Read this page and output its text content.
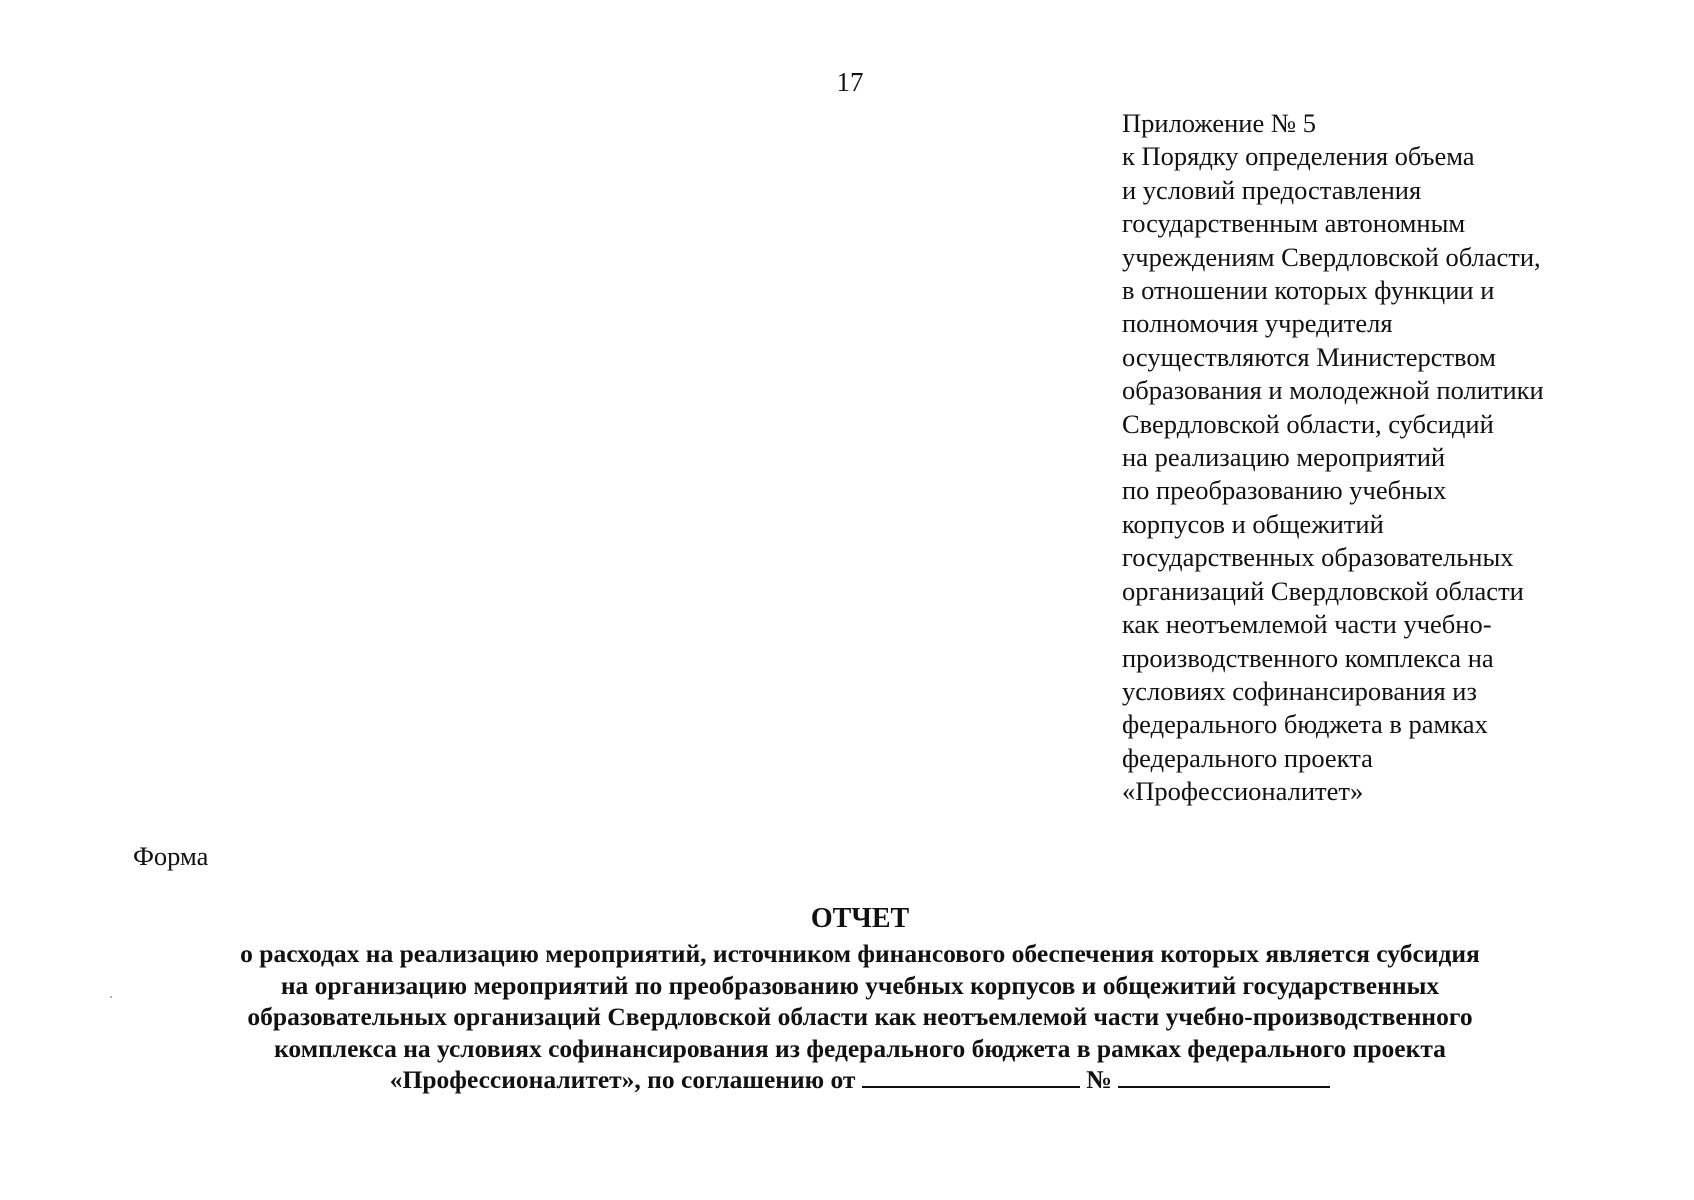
17
Приложение № 5
к Порядку определения объема
и условий предоставления
государственным автономным
учреждениям Свердловской области,
в отношении которых функции и
полномочия учредителя
осуществляются Министерством
образования и молодежной политики
Свердловской области, субсидий
на реализацию мероприятий
по преобразованию учебных
корпусов и общежитий
государственных образовательных
организаций Свердловской области
как неотъемлемой части учебно-
производственного комплекса на
условиях софинансирования из
федерального бюджета в рамках
федерального проекта
«Профессионалитет»
Форма
ОТЧЕТ
о расходах на реализацию мероприятий, источником финансового обеспечения которых является субсидия
на организацию мероприятий по преобразованию учебных корпусов и общежитий государственных
образовательных организаций Свердловской области как неотъемлемой части учебно-производственного
комплекса на условиях софинансирования из федерального бюджета в рамках федерального проекта
«Профессионалитет», по соглашению от	№
